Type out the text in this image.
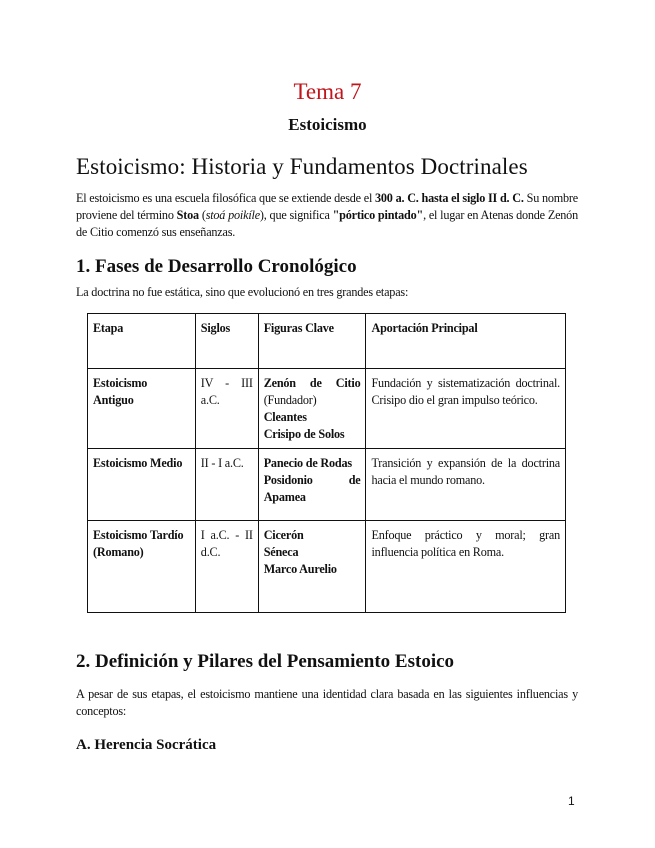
Tema 7

Estoicismo

Estoicismo: Historia y Fundamentos Doctrinales

El estoicismo es una escuela filosófica que se extiende desde el 300 a. C. hasta el siglo II d. C. Su nombre proviene del término Stoa (stoá poikíle), que significa "pórtico pintado", el lugar en Atenas donde Zenón de Citio comenzó sus enseñanzas.

1. Fases de Desarrollo Cronológico

La doctrina no fue estática, sino que evolucionó en tres grandes etapas:

Etapa	Siglos	Figuras Clave	Aportación Principal
Estoicismo Antiguo	IV - III a.C.	Zenón de Citio (Fundador)
Cleantes
Crisipo de Solos	Fundación y sistematización doctrinal. Crisipo dio el gran impulso teórico.
Estoicismo Medio	II - I a.C.	Panecio de Rodas
Posidonio de Apamea	Transición y expansión de la doctrina hacia el mundo romano.
Estoicismo Tardío (Romano)	I a.C. - II d.C.	Cicerón
Séneca
Marco Aurelio	Enfoque práctico y moral; gran influencia política en Roma.
2. Definición y Pilares del Pensamiento Estoico

A pesar de sus etapas, el estoicismo mantiene una identidad clara basada en las siguientes influencias y conceptos:

A. Herencia Socrática

1
